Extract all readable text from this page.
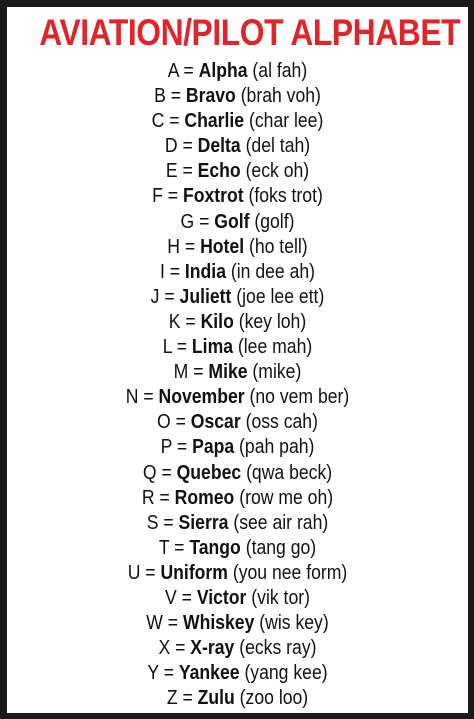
AVIATION/PILOT ALPHABET
A = Alpha (al fah)
B = Bravo (brah voh)
C = Charlie (char lee)
D = Delta (del tah)
E = Echo (eck oh)
F = Foxtrot (foks trot)
G = Golf (golf)
H = Hotel (ho tell)
I = India (in dee ah)
J = Juliett (joe lee ett)
K = Kilo (key loh)
L = Lima (lee mah)
M = Mike (mike)
N = November (no vem ber)
O = Oscar (oss cah)
P = Papa (pah pah)
Q = Quebec (qwa beck)
R = Romeo (row me oh)
S = Sierra (see air rah)
T = Tango (tang go)
U = Uniform (you nee form)
V = Victor (vik tor)
W = Whiskey (wis key)
X = X-ray (ecks ray)
Y = Yankee (yang kee)
Z = Zulu (zoo loo)
